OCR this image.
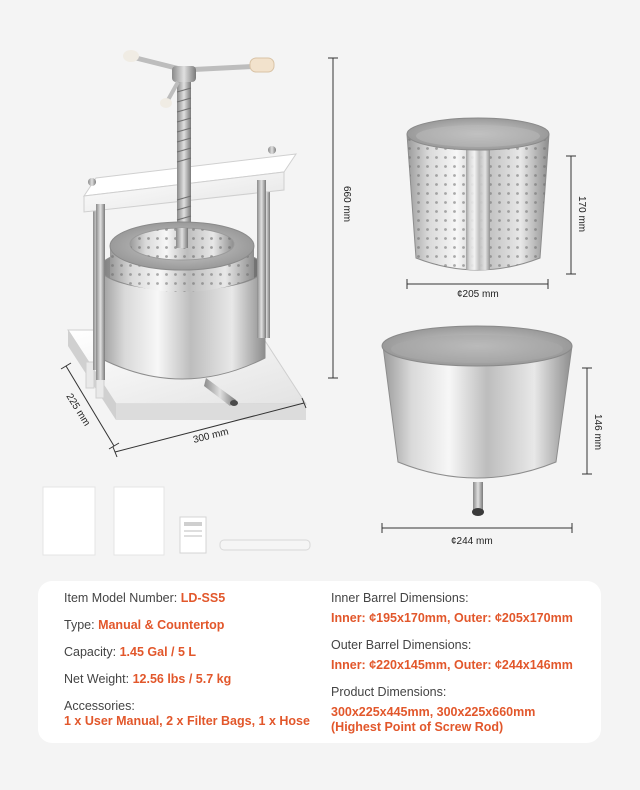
660 mm
225 mm
300 mm
170 mm
¢205 mm
146 mm
¢244 mm
Item Model Number: LD-SS5
Type: Manual & Countertop
Capacity: 1.45 Gal / 5 L
Net Weight: 12.56 lbs / 5.7 kg
Accessories:
1 x User Manual, 2 x Filter Bags, 1 x Hose
Inner Barrel Dimensions:
Inner: ¢195x170mm, Outer: ¢205x170mm
Outer Barrel Dimensions:
Inner: ¢220x145mm, Outer: ¢244x146mm
Product Dimensions:
300x225x445mm, 300x225x660mm
(Highest Point of Screw Rod)
